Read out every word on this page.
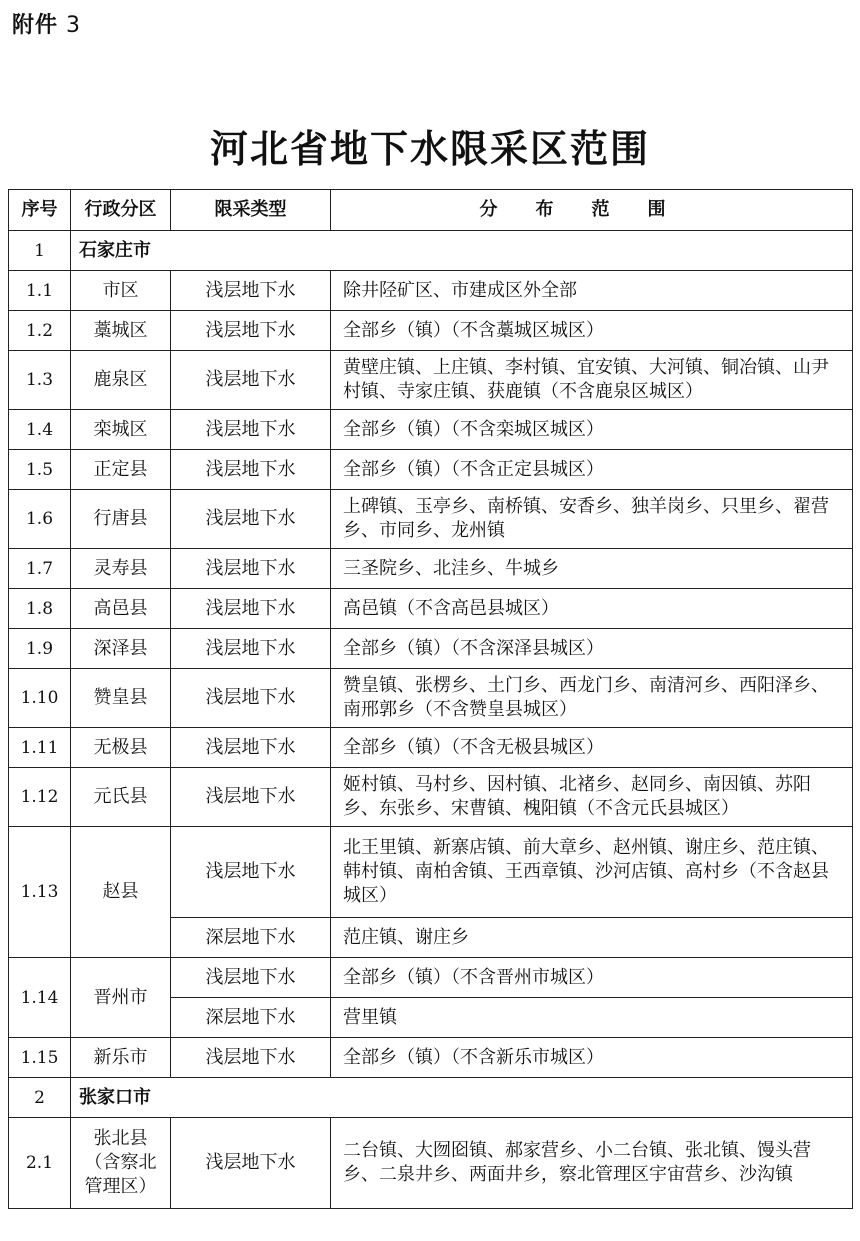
附件 3
河北省地下水限采区范围
序号	行政分区	限采类型	分布范围
1	石家庄市		
1.1	市区	浅层地下水	除井陉矿区、市建成区外全部
1.2	藁城区	浅层地下水	全部乡（镇）（不含藁城区城区）
1.3	鹿泉区	浅层地下水	黄壁庄镇、上庄镇、李村镇、宜安镇、大河镇、铜冶镇、山尹村镇、寺家庄镇、获鹿镇（不含鹿泉区城区）
1.4	栾城区	浅层地下水	全部乡（镇）（不含栾城区城区）
1.5	正定县	浅层地下水	全部乡（镇）（不含正定县城区）
1.6	行唐县	浅层地下水	上碑镇、玉亭乡、南桥镇、安香乡、独羊岗乡、只里乡、翟营乡、市同乡、龙州镇
1.7	灵寿县	浅层地下水	三圣院乡、北洼乡、牛城乡
1.8	高邑县	浅层地下水	高邑镇（不含高邑县城区）
1.9	深泽县	浅层地下水	全部乡（镇）（不含深泽县城区）
1.10	赞皇县	浅层地下水	赞皇镇、张楞乡、土门乡、西龙门乡、南清河乡、西阳泽乡、南邢郭乡（不含赞皇县城区）
1.11	无极县	浅层地下水	全部乡（镇）（不含无极县城区）
1.12	元氏县	浅层地下水	姬村镇、马村乡、因村镇、北褚乡、赵同乡、南因镇、苏阳乡、东张乡、宋曹镇、槐阳镇（不含元氏县城区）
1.13	赵县	浅层地下水	北王里镇、新寨店镇、前大章乡、赵州镇、谢庄乡、范庄镇、韩村镇、南柏舍镇、王西章镇、沙河店镇、高村乡（不含赵县城区）
		深层地下水	范庄镇、谢庄乡
1.14	晋州市	浅层地下水	全部乡（镇）（不含晋州市城区）
		深层地下水	营里镇
1.15	新乐市	浅层地下水	全部乡（镇）（不含新乐市城区）
2	张家口市		
2.1	张北县（含察北管理区）	浅层地下水	二台镇、大囫囵镇、郝家营乡、小二台镇、张北镇、馒头营乡、二泉井乡、两面井乡，察北管理区宇宙营乡、沙沟镇
